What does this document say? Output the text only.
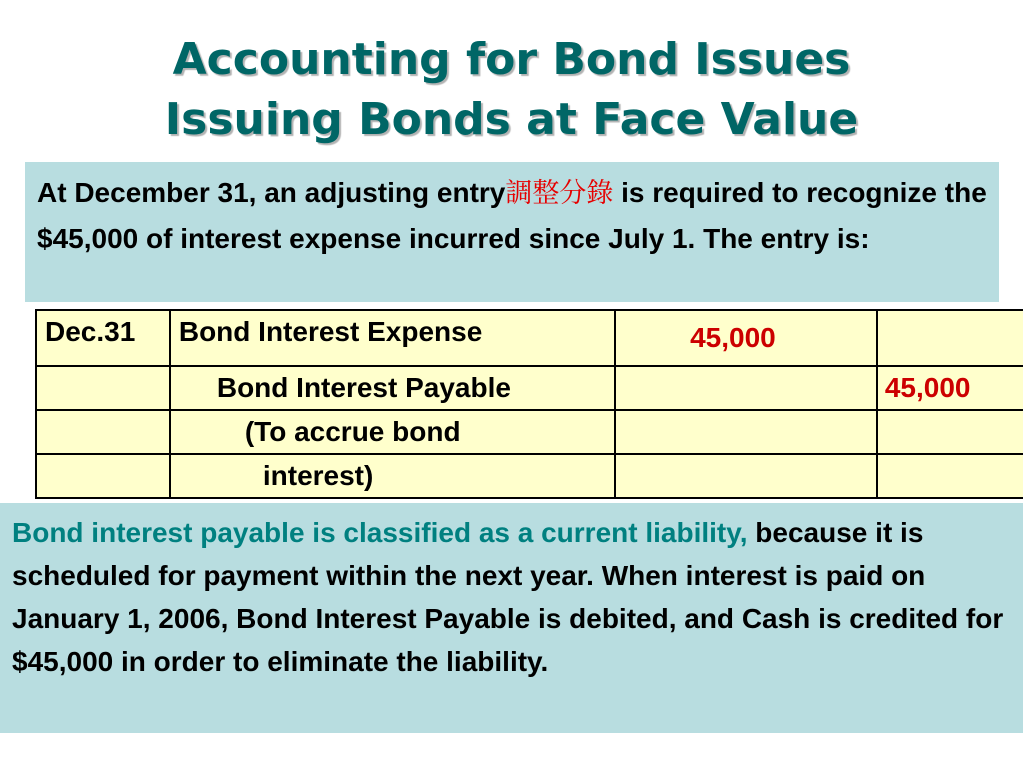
Accounting for Bond Issues
Issuing Bonds at Face Value
At December 31, an adjusting entry調整分錄 is required to recognize the $45,000 of interest expense incurred since July 1. The entry is:
Dec.31	Bond Interest Expense	45,000	
	Bond Interest Payable		45,000
	(To accrue bond		
	interest)		
Bond interest payable is classified as a current liability, because it is scheduled for payment within the next year. When interest is paid on January 1, 2006, Bond Interest Payable is debited, and Cash is credited for $45,000 in order to eliminate the liability.
